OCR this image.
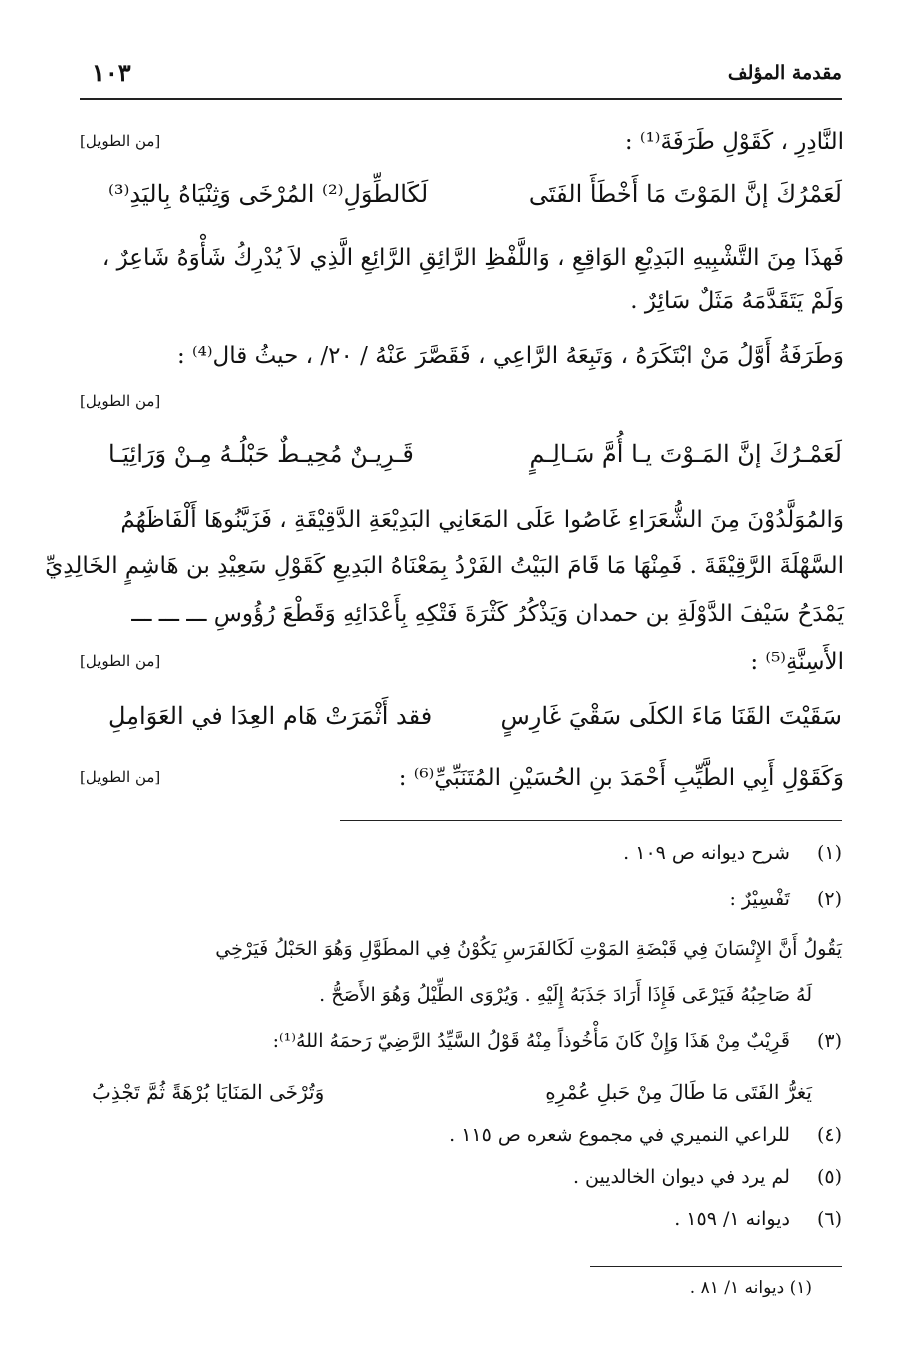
مقدمة المؤلف
١٠٣
النَّادِرِ ، كَقَوْلِ طَرَفَةَ⁽¹⁾ :
[من الطويل]
لَعَمْرُكَ إنَّ المَوْتَ مَا أَخْطَأَ الفَتَى
لَكَالطِّوَلِ⁽²⁾ المُرْخَى وَثِنْيَاهُ بِاليَدِ⁽³⁾
فَهذَا مِنَ التَّشْبِيهِ البَدِيْعِ الوَاقِعِ ، وَاللَّفْظِ الرَّائِقِ الرَّائِعِ الَّذِي لاَ يُدْرِكُ شَأْوَهُ شَاعِرٌ ،
وَلَمْ يَتَقَدَّمَهُ مَثَلٌ سَائِرٌ .
وَطَرَفَةُ أَوَّلُ مَنْ ابْتَكَرَهُ ، وَتَبِعَهُ الرَّاعِي ، فَقَصَّرَ عَنْهُ / ٢٠/ ، حيثُ قال⁽⁴⁾ :
[من الطويل]
لَعَمْـرُكَ إنَّ المَـوْتَ يـا أُمَّ سَـالِـمٍ
قَـرِيـنٌ مُحِيـطٌ حَبْلُـهُ مِـنْ وَرَائِيَـا
وَالمُوَلَّدُوْنَ مِنَ الشُّعَرَاءِ غَاصُوا عَلَى المَعَانِي البَدِيْعَةِ الدَّقِيْقَةِ ، فَزَيَّنُوهَا أَلْفَاظَهُمُ
السَّهْلَةَ الرَّقِيْقَةَ . فَمِنْهَا مَا قَامَ البَيْتُ الفَرْدُ بِمَعْنَاهُ البَدِيعِ كَقَوْلِ سَعِيْدِ بن هَاشِمٍ الخَالِدِيِّ
يَمْدَحُ سَيْفَ الدَّوْلَةِ بن حمدان وَيَذْكُرُ كَثْرَةَ فَتْكِهِ بِأَعْدَائِهِ وَقَطْعَ رُؤُوسِ ـــ ـــ ـــ
الأَسِنَّةِ⁽⁵⁾ :
[من الطويل]
سَقَيْتَ القَنَا مَاءَ الكلَى سَقْيَ غَارِسٍ
فقد أَثْمَرَتْ هَام العِدَا في العَوَامِلِ
وَكَقَوْلِ أَبِي الطَّيِّبِ أَحْمَدَ بنِ الحُسَيْنِ المُتَنَبِّيِّ⁽⁶⁾ :
[من الطويل]
(١) شرح ديوانه ص ١٠٩ .
(٢) تَفْسِيْرٌ :
يَقُولُ أَنَّ الإِنْسَانَ فِي قَبْضَةِ المَوْتِ لَكَالفَرَسِ يَكُوْنُ فِي المطَوَّلِ وَهُوَ الحَبْلُ فَيَرْخِي
لَهُ صَاحِبُهُ فَيَرْعَى فَإِذَا أَرَادَ جَذَبَهُ إِلَيْهِ . وَيُرْوَى الطِّيْلُ وَهُوَ الأَصَحُّ .
(٣) قَرِيْبٌ مِنْ هَذَا وَإِنْ كَانَ مَأْخُوذاً مِنْهُ قَوْلُ السَّيِّدُ الرَّضِيّ رَحمَهُ اللهُ⁽¹⁾:
يَغرُّ الفَتَى مَا طَالَ مِنْ حَبلِ عُمْرِهِ
وَتُرْخَى المَنَايَا بُرْهَةً ثُمَّ تَجْذِبُ
(٤) للراعي النميري في مجموع شعره ص ١١٥ .
(٥) لم يرد في ديوان الخالديين .
(٦) ديوانه ١/ ١٥٩ .
(١) ديوانه ١/ ٨١ .
